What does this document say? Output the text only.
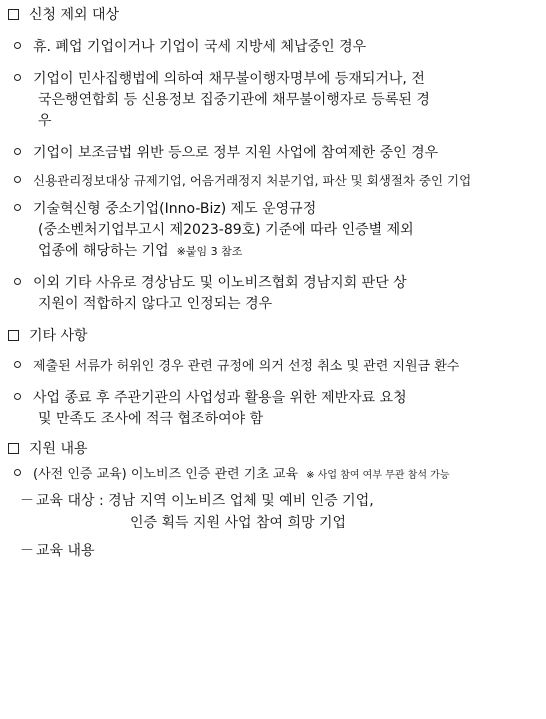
신청 제외 대상
휴. 폐업 기업이거나 기업이 국세 지방세 체납중인 경우
기업이 민사집행법에 의하여 채무불이행자명부에 등재되거나, 전
국은행연합회 등 신용정보 집중기관에 채무불이행자로 등록된 경
우
기업이 보조금법 위반 등으로 정부 지원 사업에 참여제한 중인 경우
신용관리정보대상 규제기업, 어음거래정지 처분기업, 파산 및 회생절차 중인 기업
기술혁신형 중소기업(Inno-Biz) 제도 운영규정
(중소벤처기업부고시 제2023-89호) 기준에 따라 인증별 제외
업종에 해당하는 기업 ※붙임 3 참조
이외 기타 사유로 경상남도 및 이노비즈협회 경남지회 판단 상
지원이 적합하지 않다고 인정되는 경우
기타 사항
제출된 서류가 허위인 경우 관련 규정에 의거 선정 취소 및 관련 지원금 환수
사업 종료 후 주관기관의 사업성과 활용을 위한 제반자료 요청
및 만족도 조사에 적극 협조하여야 함
지원 내용
(사전 인증 교육) 이노비즈 인증 관련 기초 교육 ※ 사업 참여 여부 무관 참석 가능
－ 교육 대상 : 경남 지역 이노비즈 업체 및 예비 인증 기업,
인증 획득 지원 사업 참여 희망 기업
－ 교육 내용
